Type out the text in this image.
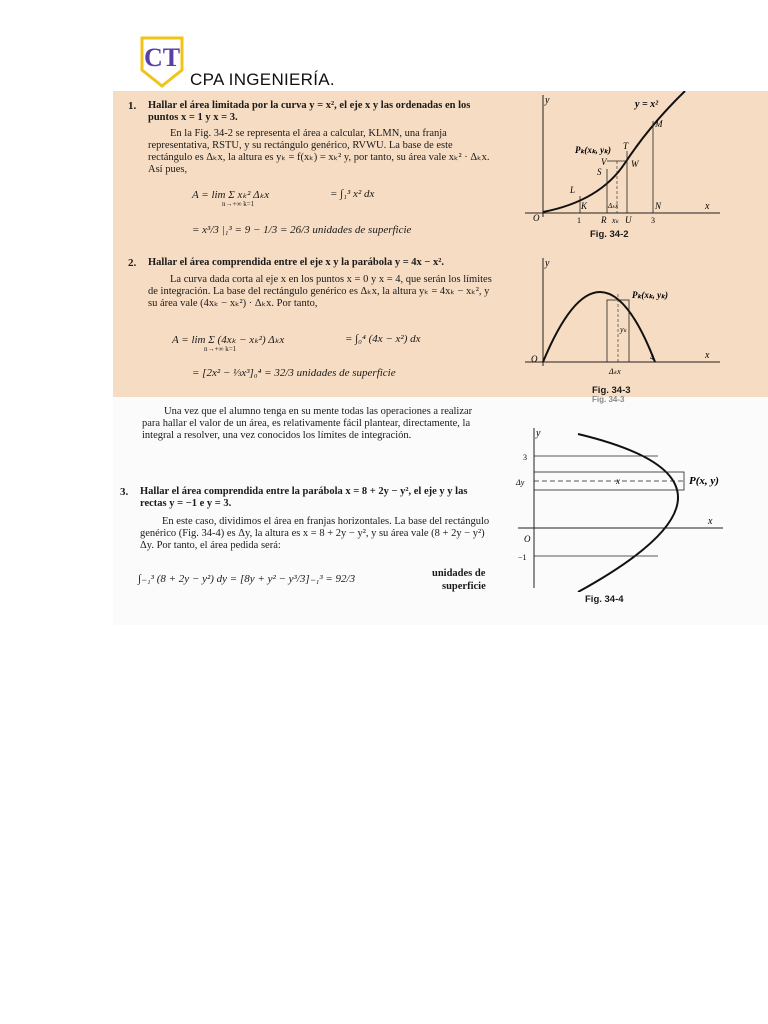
CT
CPA INGENIERÍA.
1. Hallar el área limitada por la curva y = x², el eje x y las ordenadas en los puntos x = 1 y x = 3.
En la Fig. 34-2 se representa el área a calcular, KLMN, una franja representativa, RSTU, y su rectángulo genérico, RVWU. La base de este rectángulo es Δₖx, la altura es yₖ = f(xₖ) = xₖ² y, por tanto, su área vale xₖ² · Δₖx. Así pues,
A = lim Σ xₖ² Δₖx
n→+∞ k=1
= ∫₁³ x² dx
= x³/3 |₁³ = 9 − 1/3 = 26/3 unidades de superficie
2. Hallar el área comprendida entre el eje x y la parábola y = 4x − x².
La curva dada corta al eje x en los puntos x = 0 y x = 4, que serán los límites de integración. La base del rectángulo genérico es Δₖx, la altura yₖ = 4xₖ − xₖ², y su área vale (4xₖ − xₖ²) · Δₖx. Por tanto,
A = lim Σ (4xₖ − xₖ²) Δₖx
n→+∞ k=1
= ∫₀⁴ (4x − x²) dx
= [2x² − ⅓x³]₀⁴ = 32/3 unidades de superficie
Una vez que el alumno tenga en su mente todas las operaciones a realizar para hallar el valor de un área, es relativamente fácil plantear, directamente, la integral a resolver, una vez conocidos los límites de integración.
3. Hallar el área comprendida entre la parábola x = 8 + 2y − y², el eje y y las rectas y = −1 e y = 3.
En este caso, dividimos el área en franjas horizontales. La base del rectángulo genérico (Fig. 34-4) es Δy, la altura es x = 8 + 2y − y², y su área vale (8 + 2y − y²) Δy. Por tanto, el área pedida será:
∫₋₁³ (8 + 2y − y²) dy = [8y + y² − y³/3]₋₁³ = 92/3	unidades de
superficie
y
x
y = x²
Pₖ(xₖ, yₖ)
O
K
L
M
N
S
T
V	W
1 R xₖ U 3
Δₖx
Fig. 34-2
y
x
Pₖ(xₖ, yₖ)
O	4
Δₖx
yₖ
Fig. 34-3
Fig. 34-3
y
x
P(x, y)
O
3
−1
Δy	x
Fig. 34-4
